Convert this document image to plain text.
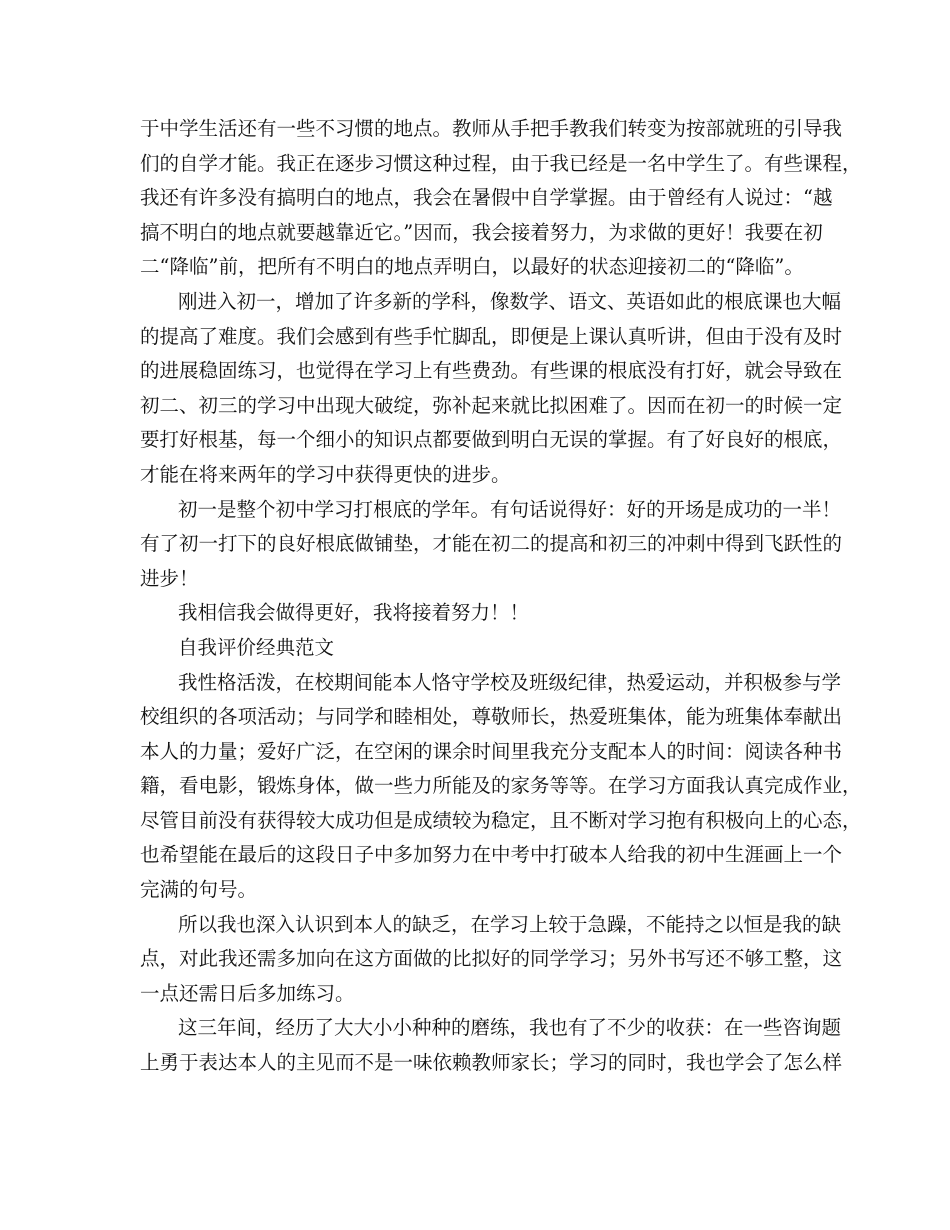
于中学生活还有一些不习惯的地点。教师从手把手教我们转变为按部就班的引导我
们的自学才能。我正在逐步习惯这种过程，由于我已经是一名中学生了。有些课程，
我还有许多没有搞明白的地点，我会在暑假中自学掌握。由于曾经有人说过：“越
搞不明白的地点就要越靠近它。”因而，我会接着努力，为求做的更好！我要在初
二“降临”前，把所有不明白的地点弄明白，以最好的状态迎接初二的“降临”。
刚进入初一，增加了许多新的学科，像数学、语文、英语如此的根底课也大幅
的提高了难度。我们会感到有些手忙脚乱，即便是上课认真听讲，但由于没有及时
的进展稳固练习，也觉得在学习上有些费劲。有些课的根底没有打好，就会导致在
初二、初三的学习中出现大破绽，弥补起来就比拟困难了。因而在初一的时候一定
要打好根基，每一个细小的知识点都要做到明白无误的掌握。有了好良好的根底，
才能在将来两年的学习中获得更快的进步。
初一是整个初中学习打根底的学年。有句话说得好：好的开场是成功的一半！
有了初一打下的良好根底做铺垫，才能在初二的提高和初三的冲刺中得到飞跃性的
进步！
我相信我会做得更好，我将接着努力！！
自我评价经典范文
我性格活泼，在校期间能本人恪守学校及班级纪律，热爱运动，并积极参与学
校组织的各项活动；与同学和睦相处，尊敬师长，热爱班集体，能为班集体奉献出
本人的力量；爱好广泛，在空闲的课余时间里我充分支配本人的时间：阅读各种书
籍，看电影，锻炼身体，做一些力所能及的家务等等。在学习方面我认真完成作业，
尽管目前没有获得较大成功但是成绩较为稳定，且不断对学习抱有积极向上的心态，
也希望能在最后的这段日子中多加努力在中考中打破本人给我的初中生涯画上一个
完满的句号。
所以我也深入认识到本人的缺乏，在学习上较于急躁，不能持之以恒是我的缺
点，对此我还需多加向在这方面做的比拟好的同学学习；另外书写还不够工整，这
一点还需日后多加练习。
这三年间，经历了大大小小种种的磨练，我也有了不少的收获：在一些咨询题
上勇于表达本人的主见而不是一味依赖教师家长；学习的同时，我也学会了怎么样
